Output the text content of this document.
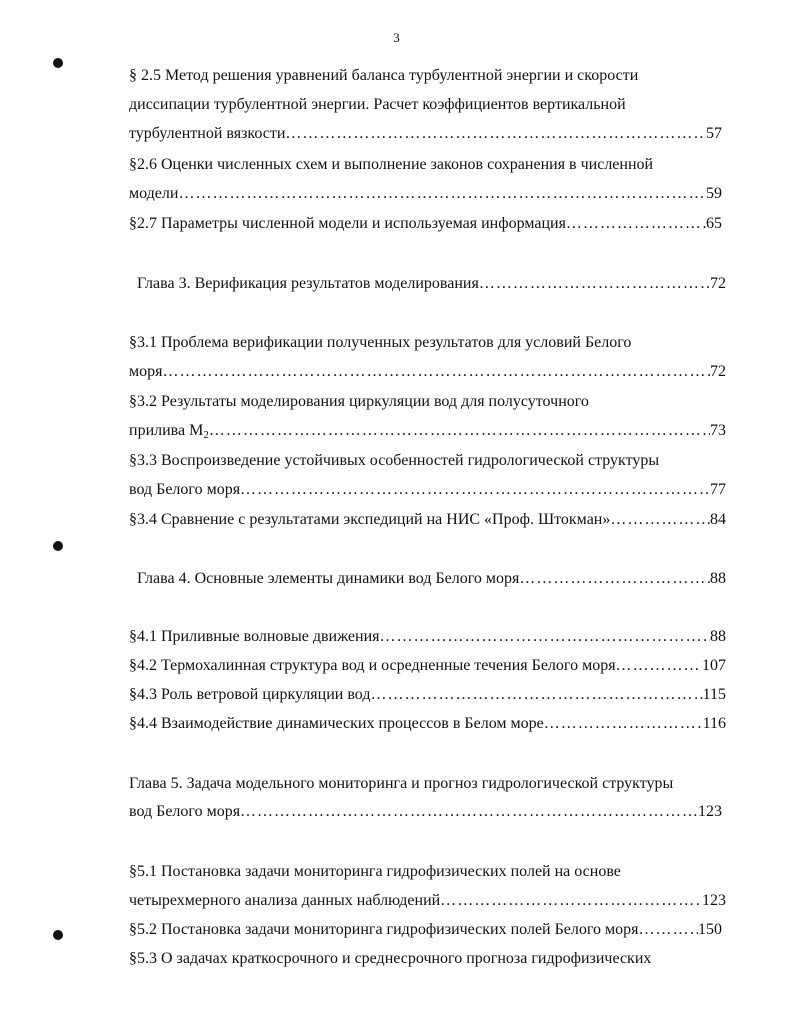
3
§ 2.5 Метод решения уравнений баланса турбулентной энергии и скорости
диссипации турбулентной энергии. Расчет коэффициентов вертикальной
турбулентной вязкости …………………………………………………………………………………………………………………………………………………………………………………………	57
§2.6 Оценки численных схем и выполнение законов сохранения в численной
модели …………………………………………………………………………………………………………………………………………………………………………………………	59
§2.7 Параметры численной модели и используемая информация …………………………………………………………………………………………………………………………………………………………………………………………	65
Глава 3. Верификация результатов моделирования …………………………………………………………………………………………………………………………………………………………………………………………	72
§3.1 Проблема верификации полученных результатов для условий Белого
моря …………………………………………………………………………………………………………………………………………………………………………………………	72
§3.2 Результаты моделирования циркуляции вод для полусуточного
прилива $M_2$ …………………………………………………………………………………………………………………………………………………………………………………………	73
§3.3 Воспроизведение устойчивых особенностей гидрологической структуры
вод Белого моря …………………………………………………………………………………………………………………………………………………………………………………………	77
§3.4 Сравнение с результатами экспедиций на НИС «Проф. Штокман» …………………………………………………………………………………………………………………………………………………………………………………………	84
Глава 4. Основные элементы динамики вод Белого моря …………………………………………………………………………………………………………………………………………………………………………………………	88
§4.1 Приливные волновые движения …………………………………………………………………………………………………………………………………………………………………………………………	88
§4.2 Термохалинная структура вод и осредненные течения Белого моря …………………………………………………………………………………………………………………………………………………………………………………………	107
§4.3 Роль ветровой циркуляции вод …………………………………………………………………………………………………………………………………………………………………………………………	115
§4.4 Взаимодействие динамических процессов в Белом море …………………………………………………………………………………………………………………………………………………………………………………………	116
Глава 5. Задача модельного мониторинга и прогноз гидрологической структуры
вод Белого моря …………………………………………………………………………………………………………………………………………………………………………………………	123
§5.1 Постановка задачи мониторинга гидрофизических полей на основе
четырехмерного анализа данных наблюдений …………………………………………………………………………………………………………………………………………………………………………………………	123
§5.2 Постановка задачи мониторинга гидрофизических полей Белого моря …………………………………………………………………………………………………………………………………………………………………………………………	150
§5.3 О задачах краткосрочного и среднесрочного прогноза гидрофизических
